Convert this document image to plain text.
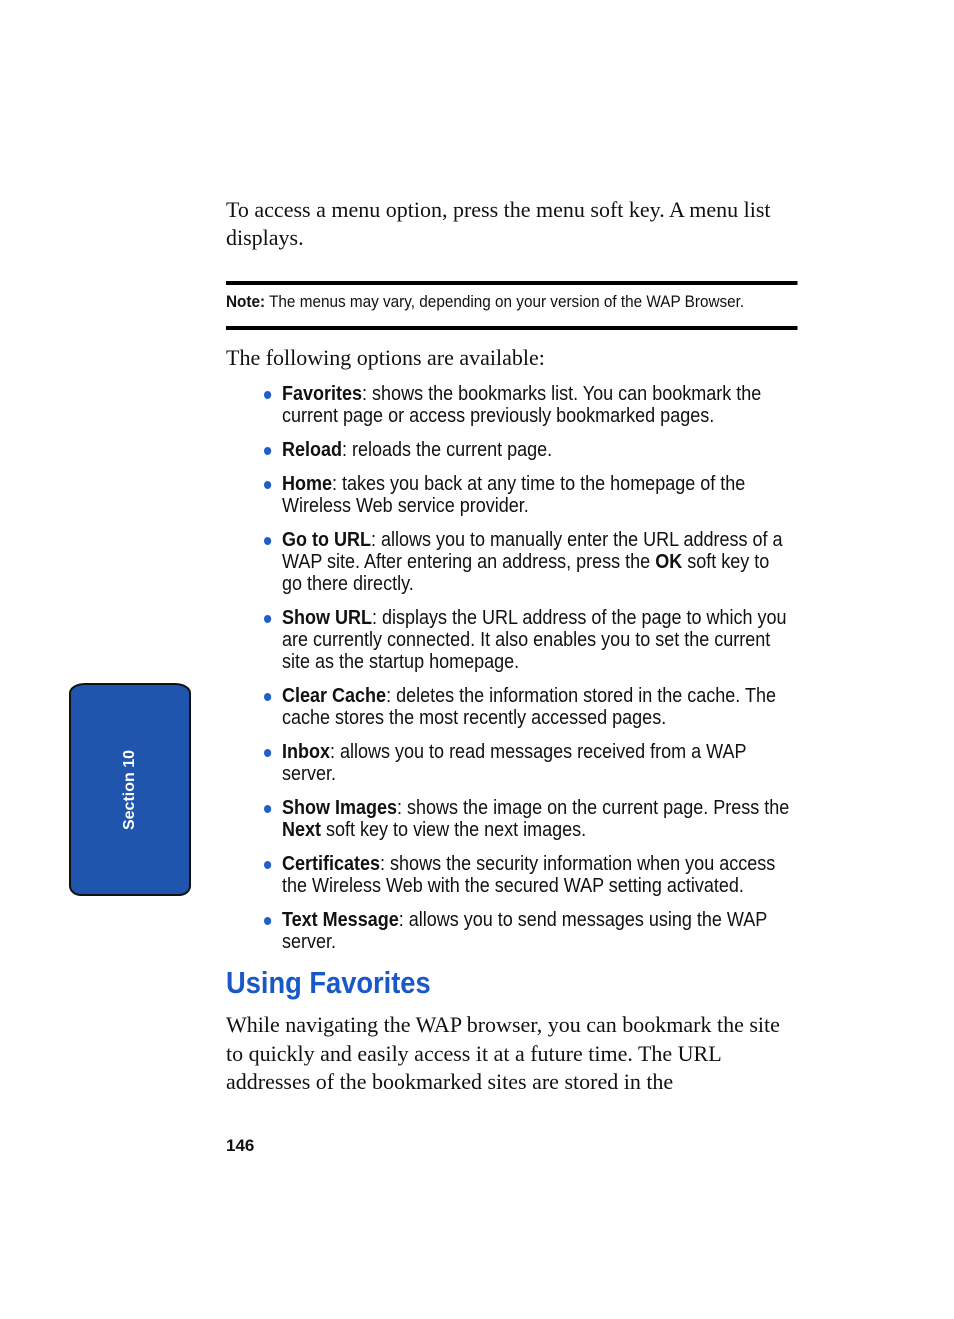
To access a menu option, press the menu soft key. A menu list displays.

Note: The menus may vary, depending on your version of the WAP Browser.

The following options are available:

Favorites: shows the bookmarks list. You can bookmark the current page or access previously bookmarked pages.
Reload: reloads the current page.
Home: takes you back at any time to the homepage of the Wireless Web service provider.
Go to URL: allows you to manually enter the URL address of a WAP site. After entering an address, press the OK soft key to go there directly.
Show URL: displays the URL address of the page to which you are currently connected. It also enables you to set the current site as the startup homepage.
Clear Cache: deletes the information stored in the cache. The cache stores the most recently accessed pages.
Inbox: allows you to read messages received from a WAP server.
Show Images: shows the image on the current page. Press the Next soft key to view the next images.
Certificates: shows the security information when you access the Wireless Web with the secured WAP setting activated.
Text Message: allows you to send messages using the WAP server.
Using Favorites

While navigating the WAP browser, you can bookmark the site to quickly and easily access it at a future time. The URL addresses of the bookmarked sites are stored in the

146
Section 10
